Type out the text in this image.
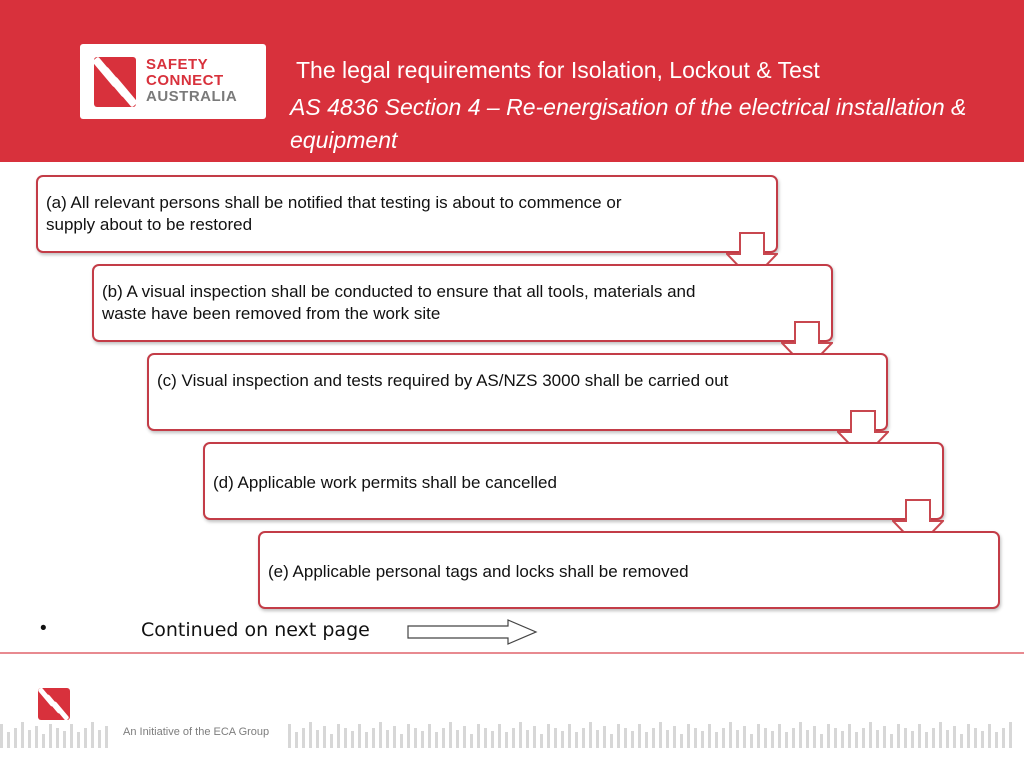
SAFETY
CONNECT
AUSTRALIA
The legal requirements for Isolation, Lockout & Test
AS 4836 Section 4 – Re-energisation of the electrical installation & equipment
(a) All relevant persons shall be notified that testing is about to commence or supply about to be restored
(b) A visual inspection shall be conducted to ensure that all tools, materials and waste have been removed from the work site
(c) Visual inspection and tests required by AS/NZS 3000 shall be carried out
(d) Applicable work permits shall be cancelled
(e) Applicable personal tags and locks shall be removed
•	Continued on next page
An Initiative of the ECA Group
